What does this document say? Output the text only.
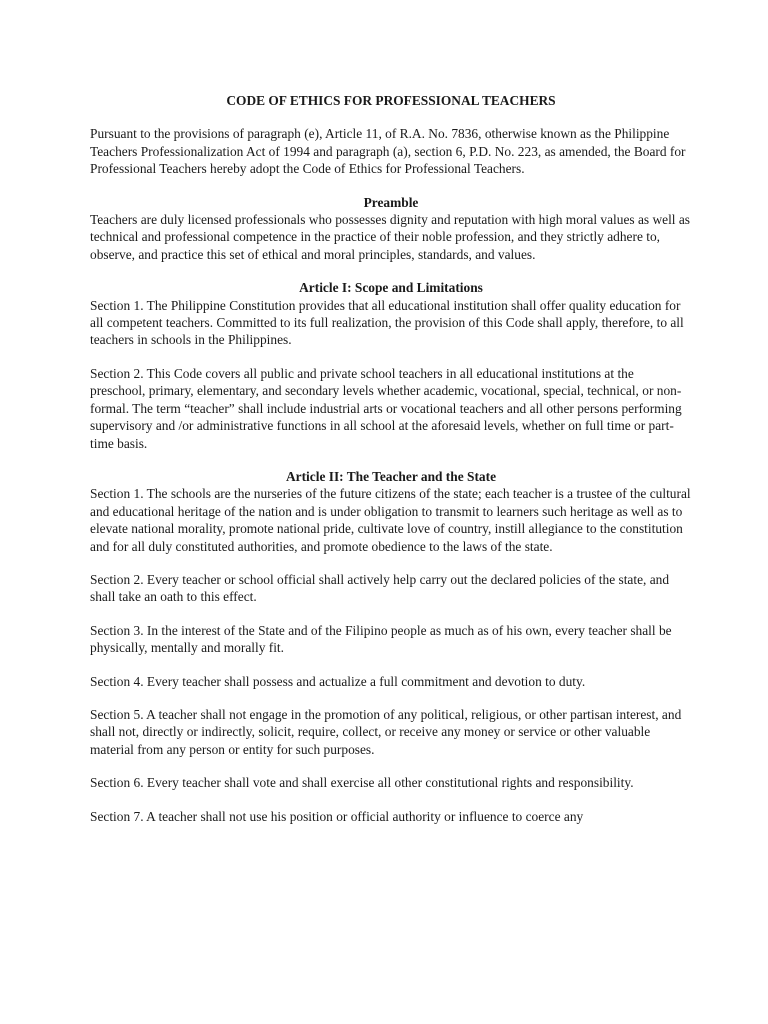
CODE OF ETHICS FOR PROFESSIONAL TEACHERS

Pursuant to the provisions of paragraph (e), Article 11, of R.A. No. 7836, otherwise known as the Philippine Teachers Professionalization Act of 1994 and paragraph (a), section 6, P.D. No. 223, as amended, the Board for Professional Teachers hereby adopt the Code of Ethics for Professional Teachers.

Preamble

Teachers are duly licensed professionals who possesses dignity and reputation with high moral values as well as technical and professional competence in the practice of their noble profession, and they strictly adhere to, observe, and practice this set of ethical and moral principles, standards, and values.

Article I: Scope and Limitations

Section 1. The Philippine Constitution provides that all educational institution shall offer quality education for all competent teachers. Committed to its full realization, the provision of this Code shall apply, therefore, to all teachers in schools in the Philippines.

Section 2. This Code covers all public and private school teachers in all educational institutions at the preschool, primary, elementary, and secondary levels whether academic, vocational, special, technical, or non-formal. The term “teacher” shall include industrial arts or vocational teachers and all other persons performing supervisory and /or administrative functions in all school at the aforesaid levels, whether on full time or part-time basis.

Article II: The Teacher and the State

Section 1. The schools are the nurseries of the future citizens of the state; each teacher is a trustee of the cultural and educational heritage of the nation and is under obligation to transmit to learners such heritage as well as to elevate national morality, promote national pride, cultivate love of country, instill allegiance to the constitution and for all duly constituted authorities, and promote obedience to the laws of the state.

Section 2. Every teacher or school official shall actively help carry out the declared policies of the state, and shall take an oath to this effect.

Section 3. In the interest of the State and of the Filipino people as much as of his own, every teacher shall be physically, mentally and morally fit.

Section 4. Every teacher shall possess and actualize a full commitment and devotion to duty.

Section 5. A teacher shall not engage in the promotion of any political, religious, or other partisan interest, and shall not, directly or indirectly, solicit, require, collect, or receive any money or service or other valuable material from any person or entity for such purposes.

Section 6. Every teacher shall vote and shall exercise all other constitutional rights and responsibility.

Section 7. A teacher shall not use his position or official authority or influence to coerce any
